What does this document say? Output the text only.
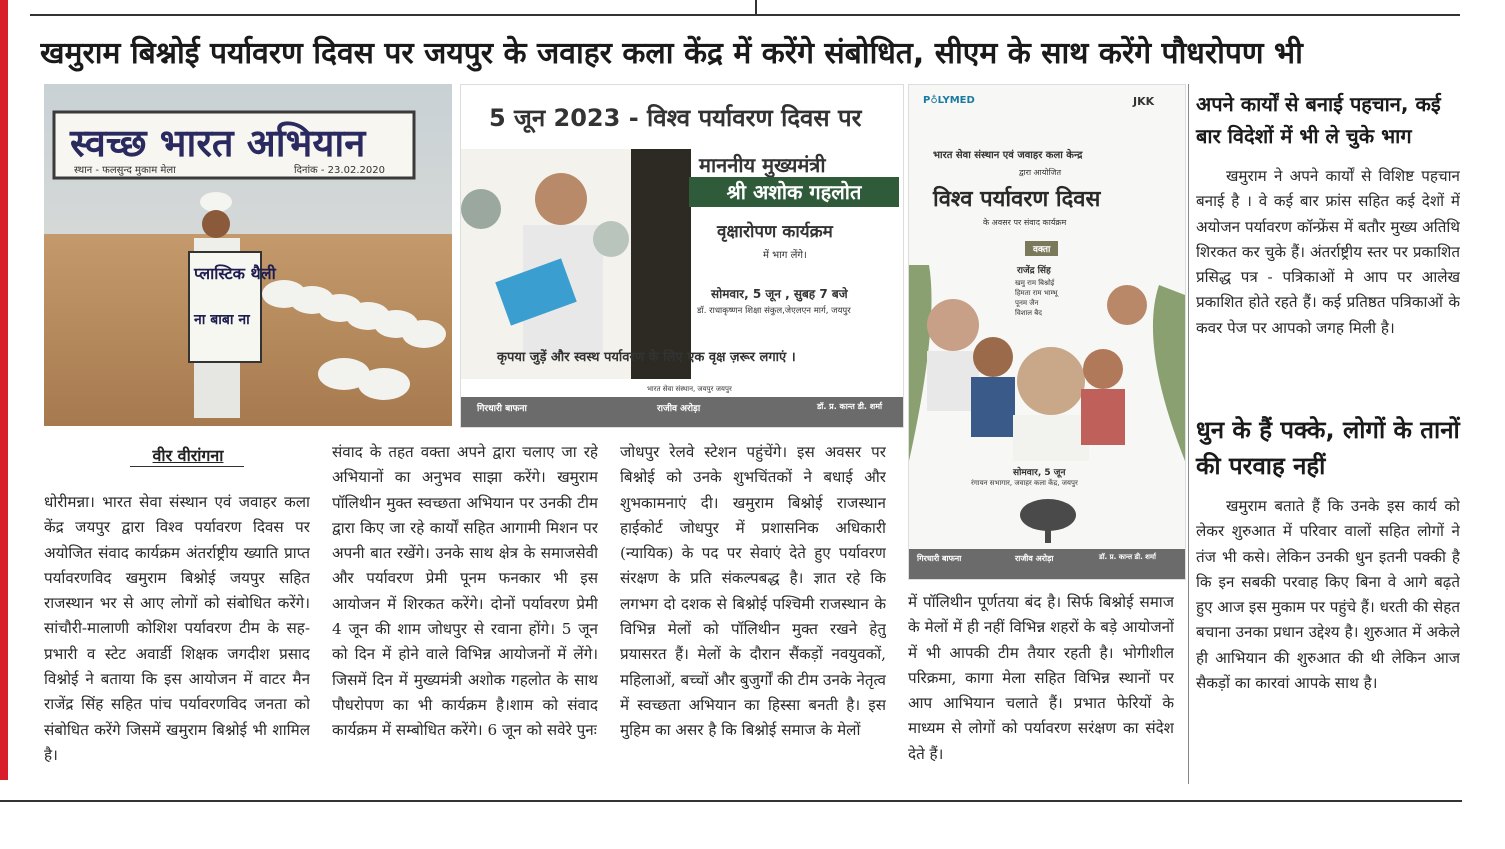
खमुराम बिश्नोई पर्यावरण दिवस पर जयपुर के जवाहर कला केंद्र में करेंगे संबोधित, सीएम के साथ करेंगे पौधरोपण भी
स्वच्छ भारत अभियान
स्थान - फलसुन्द मुकाम मेला	दिनांक - 23.02.2020
प्लास्टिक थैली
ना बाबा ना
5 जून 2023 - विश्व पर्यावरण दिवस पर
माननीय मुख्यमंत्री
श्री अशोक गहलोत
वृक्षारोपण कार्यक्रम
में भाग लेंगे।
सोमवार, 5 जून , सुबह 7 बजे
डॉ. राधाकृष्णन शिक्षा संकुल,जेएलएन मार्ग, जयपुर
कृपया जुड़ें और स्वस्थ पर्यावरण के लिए एक वृक्ष ज़रूर लगाएं ।
भारत सेवा संस्थान, जयपुर जयपुर
गिरधारी बाफना	राजीव अरोड़ा	डॉ. प्र. कान्त डी. शर्मा
P♁LYMED	JKK
भारत सेवा संस्थान एवं जवाहर कला केन्द्र
द्वारा आयोजित
विश्व पर्यावरण दिवस
के अवसर पर संवाद कार्यक्रम
वक्ता
राजेंद्र सिंह
खमु राम बिश्नोई
हिमता राम भाम्भू
पूनम जैन
विशाल बैद
सोमवार, 5 जून
रंगायन सभागार, जवाहर कला केंद्र, जयपुर
गिरधारी बाफना	राजीव अरोड़ा	डॉ. प्र. कान्त डी. शर्मा
वीर वीरांगना

धोरीमन्ना। भारत सेवा संस्थान एवं जवाहर कला केंद्र जयपुर द्वारा विश्व पर्यावरण दिवस पर अयोजित संवाद कार्यक्रम अंतर्राष्ट्रीय ख्याति प्राप्त पर्यावरणविद खमुराम बिश्नोई जयपुर सहित राजस्थान भर से आए लोगों को संबोधित करेंगे। सांचौरी-मालाणी कोशिश पर्यावरण टीम के सह-प्रभारी व स्टेट अवार्डी शिक्षक जगदीश प्रसाद विश्नोई ने बताया कि इस आयोजन में वाटर मैन राजेंद्र सिंह सहित पांच पर्यावरणविद जनता को संबोधित करेंगे जिसमें खमुराम बिश्नोई भी शामिल है।

संवाद के तहत वक्ता अपने द्वारा चलाए जा रहे अभियानों का अनुभव साझा करेंगे। खमुराम पॉलिथीन मुक्त स्वच्छता अभियान पर उनकी टीम द्वारा किए जा रहे कार्यों सहित आगामी मिशन पर अपनी बात रखेंगे। उनके साथ क्षेत्र के समाजसेवी और पर्यावरण प्रेमी पूनम फनकार भी इस आयोजन में शिरकत करेंगे। दोनों पर्यावरण प्रेमी 4 जून की शाम जोधपुर से रवाना होंगे। 5 जून को दिन में होने वाले विभिन्न आयोजनों में लेंगे। जिसमें दिन में मुख्यमंत्री अशोक गहलोत के साथ पौधरोपण का भी कार्यक्रम है।शाम को संवाद कार्यक्रम में सम्बोधित करेंगे। 6 जून को सवेरे पुनः

जोधपुर रेलवे स्टेशन पहुंचेंगे। इस अवसर पर बिश्नोई को उनके शुभचिंतकों ने बधाई और शुभकामनाएं दी। खमुराम बिश्नोई राजस्थान हाईकोर्ट जोधपुर में प्रशासनिक अधिकारी (न्यायिक) के पद पर सेवाएं देते हुए पर्यावरण संरक्षण के प्रति संकल्पबद्ध है। ज्ञात रहे कि लगभग दो दशक से बिश्नोई पश्चिमी राजस्थान के विभिन्न मेलों को पॉलिथीन मुक्त रखने हेतु प्रयासरत हैं। मेलों के दौरान सैंकड़ों नवयुवकों, महिलाओं, बच्चों और बुजुर्गों की टीम उनके नेतृत्व में स्वच्छता अभियान का हिस्सा बनती है। इस मुहिम का असर है कि बिश्नोई समाज के मेलों

में पॉलिथीन पूर्णतया बंद है। सिर्फ बिश्नोई समाज के मेलों में ही नहीं विभिन्न शहरों के बड़े आयोजनों में भी आपकी टीम तैयार रहती है। भोगीशील परिक्रमा, कागा मेला सहित विभिन्न स्थानों पर आप आभियान चलाते हैं। प्रभात फेरियों के माध्यम से लोगों को पर्यावरण सरंक्षण का संदेश देते हैं।

अपने कार्यों से बनाई पहचान, कई बार विदेशों में भी ले चुके भाग

खमुराम ने अपने कार्यों से विशिष्ट पहचान बनाई है । वे कई बार फ्रांस सहित कई देशों में अयोजन पर्यावरण कॉन्फ्रेंस में बतौर मुख्य अतिथि शिरकत कर चुके हैं। अंतर्राष्ट्रीय स्तर पर प्रकाशित प्रसिद्ध पत्र - पत्रिकाओं मे आप पर आलेख प्रकाशित होते रहते हैं। कई प्रतिष्ठत पत्रिकाओं के कवर पेज पर आपको जगह मिली है।

धुन के हैं पक्के, लोगों के तानों की परवाह नहीं

खमुराम बताते हैं कि उनके इस कार्य को लेकर शुरुआत में परिवार वालों सहित लोगों ने तंज भी कसे। लेकिन उनकी धुन इतनी पक्की है कि इन सबकी परवाह किए बिना वे आगे बढ़ते हुए आज इस मुकाम पर पहुंचे हैं। धरती की सेहत बचाना उनका प्रधान उद्देश्य है। शुरुआत में अकेले ही आभियान की शुरुआत की थी लेकिन आज सैकड़ों का कारवां आपके साथ है।
